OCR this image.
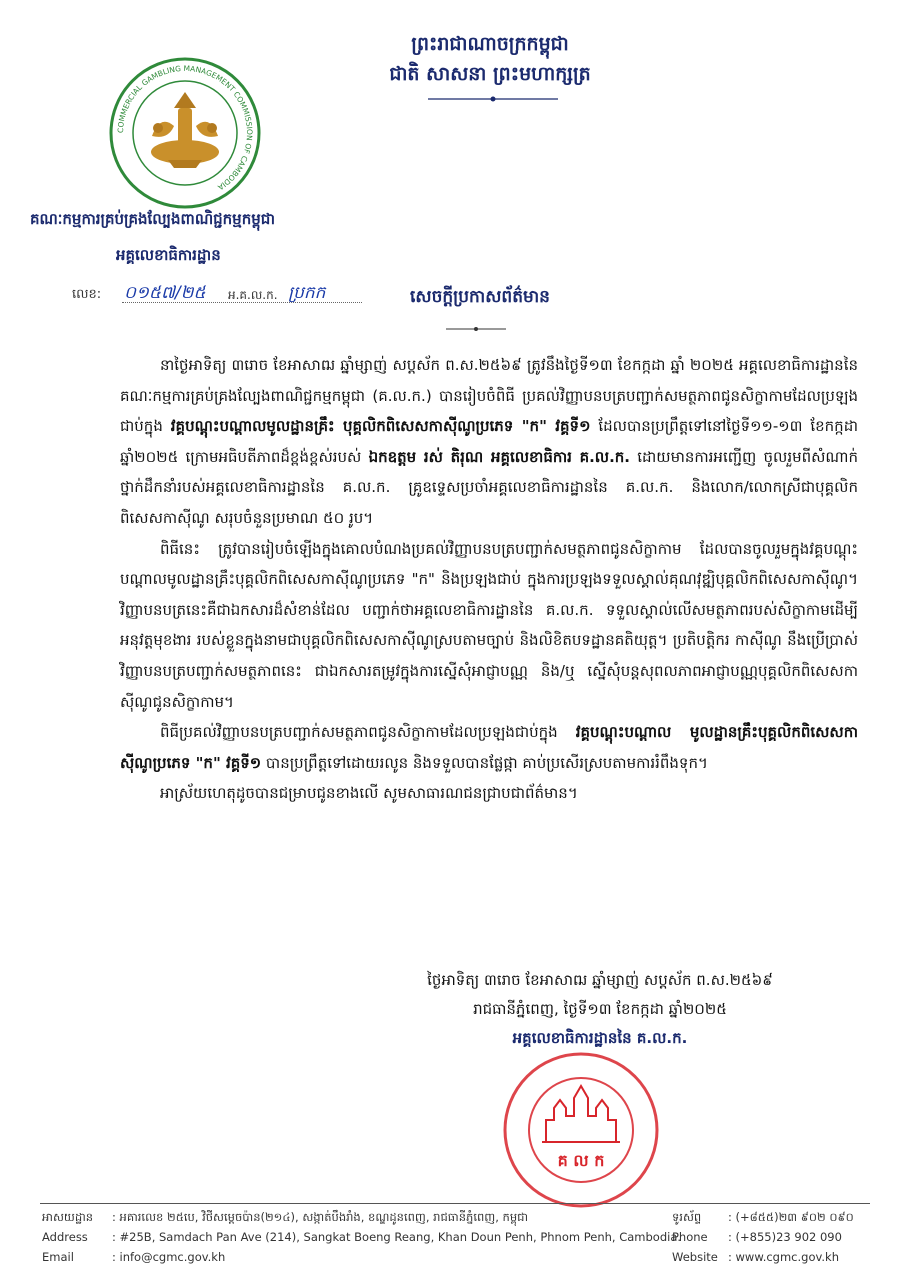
ព្រះរាជាណាចក្រកម្ពុជា
ជាតិ សាសនា ព្រះមហាក្សត្រ
COMMERCIAL GAMBLING MANAGEMENT COMMISSION OF CAMBODIA
គណៈកម្មការគ្រប់គ្រងល្បែងពាណិជ្ជកម្មកម្ពុជា
អគ្គលេខាធិការដ្ឋាន
លេខ: ០១៥៧/២៥ អ.គ.ល.ក. ប្រកក	សេចក្តីប្រកាសព័ត៌មាន

នាថ្ងៃអាទិត្យ ៣រោច ខែអាសាឍ ឆ្នាំម្សាញ់ សប្តស័ក ព.ស.២៥៦៩ ត្រូវនឹងថ្ងៃទី១៣ ខែកក្កដា ឆ្នាំ ២០២៥ អគ្គលេខាធិការដ្ឋាននៃគណៈកម្មការគ្រប់គ្រងល្បែងពាណិជ្ជកម្មកម្ពុជា (គ.ល.ក.) បានរៀបចំពិធី ប្រគល់វិញ្ញាបនបត្របញ្ជាក់សមត្ថភាពជូនសិក្ខាកាមដែលប្រឡងជាប់ក្នុង វគ្គបណ្តុះបណ្តាលមូលដ្ឋានគ្រឹះ បុគ្គលិកពិសេសកាស៊ីណូប្រភេទ "ក" វគ្គទី១ ដែលបានប្រព្រឹត្តទៅនៅថ្ងៃទី១១-១៣ ខែកក្កដា ឆ្នាំ២០២៥ ក្រោមអធិបតីភាពដ៏ខ្ពង់ខ្ពស់របស់ ឯកឧត្តម រស់ តិរុណ អគ្គលេខាធិការ គ.ល.ក. ដោយមានការអញ្ជើញ ចូលរួមពីសំណាក់ថ្នាក់ដឹកនាំរបស់អគ្គលេខាធិការដ្ឋាននៃ គ.ល.ក. គ្រូឧទ្ទេសប្រចាំអគ្គលេខាធិការដ្ឋាននៃ គ.ល.ក. និងលោក/លោកស្រីជាបុគ្គលិកពិសេសកាស៊ីណូ សរុបចំនួនប្រមាណ ៥០ រូប។

ពិធីនេះ ត្រូវបានរៀបចំឡើងក្នុងគោលបំណងប្រគល់វិញ្ញាបនបត្របញ្ជាក់សមត្ថភាពជូនសិក្ខាកាម ដែលបានចូលរួមក្នុងវគ្គបណ្តុះបណ្តាលមូលដ្ឋានគ្រឹះបុគ្គលិកពិសេសកាស៊ីណូប្រភេទ "ក" និងប្រឡងជាប់ ក្នុងការប្រឡងទទួលស្គាល់គុណវុឌ្ឍិបុគ្គលិកពិសេសកាស៊ីណូ។ វិញ្ញាបនបត្រនេះគឺជាឯកសារដ៏សំខាន់ដែល បញ្ជាក់ថាអគ្គលេខាធិការដ្ឋាននៃ គ.ល.ក. ទទួលស្គាល់លើសមត្ថភាពរបស់សិក្ខាកាមដើម្បីអនុវត្តមុខងារ របស់ខ្លួនក្នុងនាមជាបុគ្គលិកពិសេសកាស៊ីណូស្របតាមច្បាប់ និងលិខិតបទដ្ឋានគតិយុត្ត។ ប្រតិបត្តិករ កាស៊ីណូ នឹងប្រើប្រាស់វិញ្ញាបនបត្របញ្ជាក់សមត្ថភាពនេះ ជាឯកសារតម្រូវក្នុងការស្នើសុំអាជ្ញាបណ្ណ និង/ឬ ស្នើសុំបន្តសុពលភាពអាជ្ញាបណ្ណបុគ្គលិកពិសេសកាស៊ីណូជូនសិក្ខាកាម។

ពិធីប្រគល់វិញ្ញាបនបត្របញ្ជាក់សមត្ថភាពជូនសិក្ខាកាមដែលប្រឡងជាប់ក្នុង វគ្គបណ្តុះបណ្តាល មូលដ្ឋានគ្រឹះបុគ្គលិកពិសេសកាស៊ីណូប្រភេទ "ក" វគ្គទី១ បានប្រព្រឹត្តទៅដោយរលូន និងទទួលបានផ្លែផ្កា គាប់ប្រសើរស្របតាមការរំពឹងទុក។

អាស្រ័យហេតុដូចបានជម្រាបជូនខាងលើ សូមសាធារណជនជ្រាបជាព័ត៌មាន។

ថ្ងៃអាទិត្យ ៣រោច ខែអាសាឍ ឆ្នាំម្សាញ់ សប្តស័ក ព.ស.២៥៦៩
រាជធានីភ្នំពេញ, ថ្ងៃទី១៣ ខែកក្កដា ឆ្នាំ២០២៥
អគ្គលេខាធិការដ្ឋាននៃ គ.ល.ក.
គ ល ក
អាសយដ្ឋាន : អគារលេខ ២៥បេ, វិថីសម្តេចប៉ាន(២១៤), សង្កាត់បឹងរាំង, ខណ្ឌដូនពេញ, រាជធានីភ្នំពេញ, កម្ពុជា	ទូរស័ព្ទ : (+៨៥៥)២៣ ៩០២ ០៩០
Address : #25B, Samdach Pan Ave (214), Sangkat Boeng Reang, Khan Doun Penh, Phnom Penh, Cambodia.
Phone : (+855)23 902 090
Email	: info@cgmc.gov.kh	Website : www.cgmc.gov.kh
